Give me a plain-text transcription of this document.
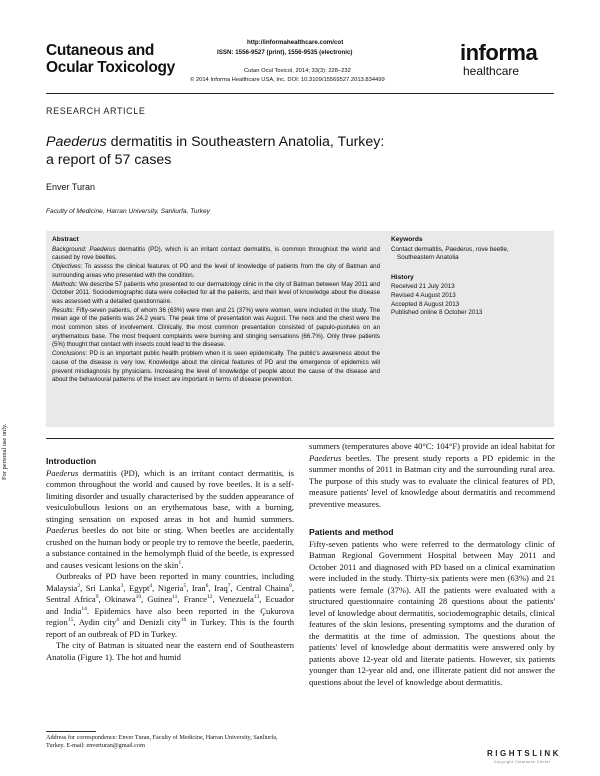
Cutaneous and
Ocular Toxicology
http://informahealthcare.com/cot
ISSN: 1556-9527 (print), 1556-9535 (electronic)
Cutan Ocul Toxicol, 2014; 33(3): 228–232
© 2014 Informa Healthcare USA, Inc. DOI: 10.3109/15569527.2013.834499
informa
healthcare
RESEARCH ARTICLE
Paederus dermatitis in Southeastern Anatolia, Turkey:
a report of 57 cases
Enver Turan
Faculty of Medicine, Harran University, Sanliurfa, Turkey

Abstract

Background: Paederus dermatitis (PD), which is an irritant contact dermatitis, is common throughout the world and caused by rove beetles.

Objectives: To assess the clinical features of PD and the level of knowledge of patients from the city of Batman and surrounding areas who presented with the condition.

Methods: We describe 57 patients who presented to our dermatology clinic in the city of Batman between May 2011 and October 2011. Sociodemographic data were collected for all the patients, and their level of knowledge about the disease was assessed with a detailed questionnaire.

Results: Fifty-seven patients, of whom 36 (63%) were men and 21 (37%) were women, were included in the study. The mean age of the patients was 24.2 years. The peak time of presentation was August. The neck and the chest were the most common sites of involvement. Clinically, the most common presentation consisted of papulo-pustules on an erythematous base. The most frequent complaints were burning and stinging sensations (66.7%). Only three patients (5%) thought that contact with insects could lead to the disease.

Conclusions: PD is an important public health problem when it is seen epidemically. The public's awareness about the cause of the disease is very low. Knowledge about the clinical features of PD and the emergence of epidemics will prevent misdiagnosis by physicians. Increasing the level of knowledge of people about the cause of the disease and about the behavioural patterns of the insect are important in terms of disease prevention.

Keywords
Contact dermatitis, Paederus, rove beetle,
Southeastern Anatolia
History
Received 21 July 2013
Revised 4 August 2013
Accepted 8 August 2013
Published online 8 October 2013

Introduction

Paederus dermatitis (PD), which is an irritant contact dermatitis, is common throughout the world and caused by rove beetles. It is a self-limiting disorder and usually characterised by the sudden appearance of vesiculobullous lesions on an erythematous base, with a burning, stinging sensation on exposed areas in hot and humid summers. Paederus beetles do not bite or sting. When beetles are accidentally crushed on the human body or people try to remove the beetle, paederin, a substance contained in the hemolymph fluid of the beetle, is expressed and causes vesicant lesions on the skin$^1$.

Outbreaks of PD have been reported in many countries, including Malaysia$^2$, Sri Lanka$^3$, Egypt$^4$, Nigeria$^5$, Iran$^6$, Iraq$^7$, Central Chaina$^8$, Sentral Africa$^9$, Okinawa$^{10}$, Guinea$^{11}$, France$^{12}$, Venezuela$^{13}$, Ecuador and India$^{14}$. Epidemics have also been reported in the Çukurova region$^{15}$, Aydin city$^4$ and Denizli city$^{16}$ in Turkey. This is the fourth report of an outbreak of PD in Turkey.

The city of Batman is situated near the eastern end of Southeastern Anatolia (Figure 1). The hot and humid

summers (temperatures above 40°C: 104°F) provide an ideal habitat for Paederus beetles. The present study reports a PD epidemic in the summer months of 2011 in Batman city and the surrounding rural area. The purpose of this study was to evaluate the clinical features of PD, measure patients' level of knowledge about dermatitis and recommend preventive measures.

Patients and method

Fifty-seven patients who were referred to the dermatology clinic of Batman Regional Government Hospital between May 2011 and October 2011 and diagnosed with PD based on a clinical examination were included in the study. Thirty-six patients were men (63%) and 21 patients were female (37%). All the patients were evaluated with a structured questionnaire containing 28 questions about the patients' level of knowledge about dermatitis, sociodemographic details, clinical features of the skin lesions, presenting symptoms and the duration of the dermatitis at the time of admission. The questions about the patients' level of knowledge about dermatitis were answered only by patients above 12-year old and literate patients. However, six patients younger than 12-year old and, one illiterate patient did not answer the questions about the level of knowledge about dermatitis.

Address for correspondence: Enver Turan, Faculty of Medicine, Harran University, Sanliurfa, Turkey. E-mail: enverturan@gmail.com
For personal use only.
RIGHTSLINK
Copyright Clearance Center
